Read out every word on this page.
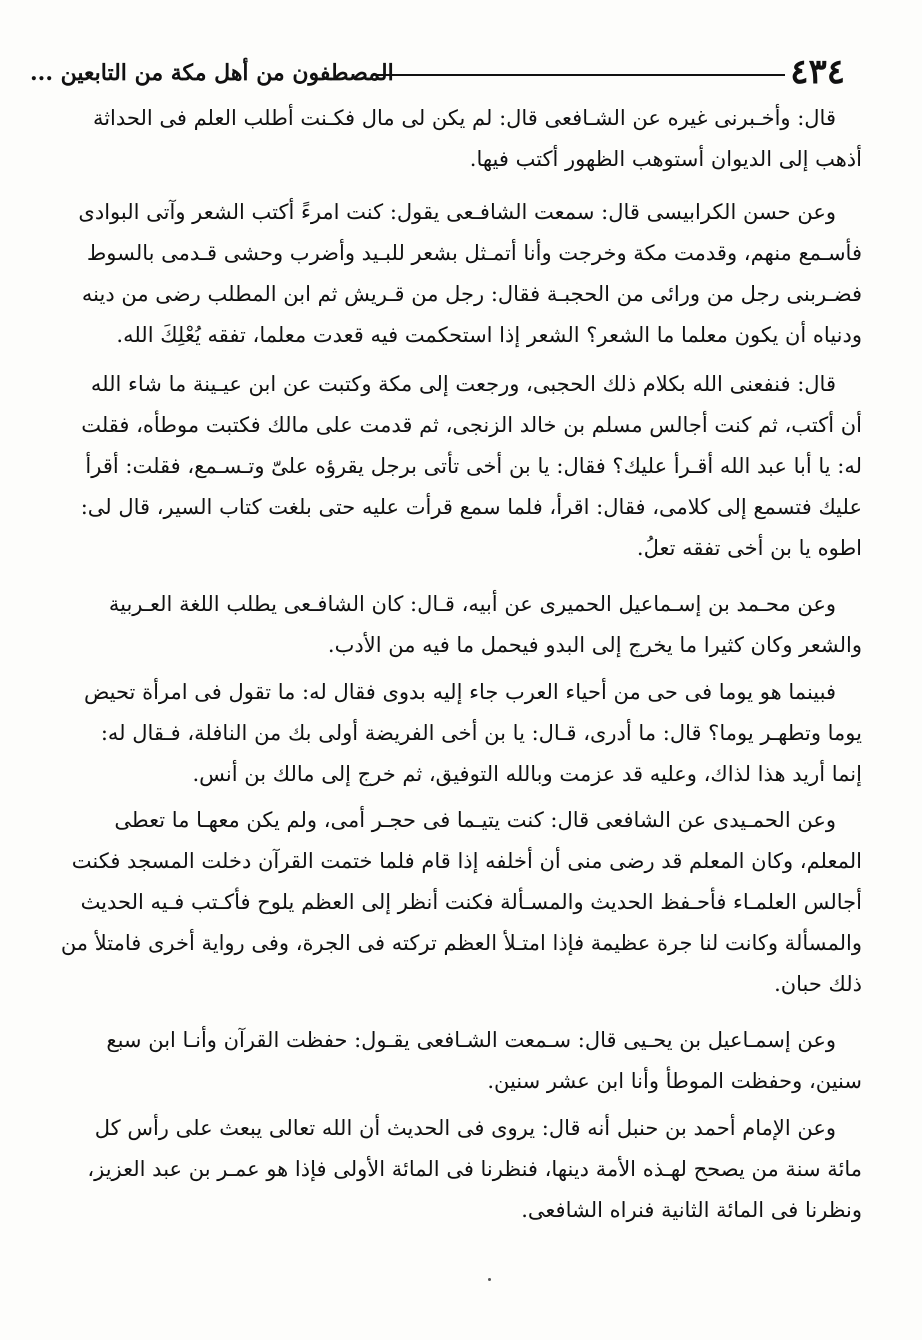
٤٣٤
المصطفون من أهل مكة من التابعين ...
قال: وأخـبرنى غيره عن الشـافعى قال: لم يكن لى مال فكـنت أطلب العلم فى الحداثة
أذهب إلى الديوان أستوهب الظهور أكتب فيها.
وعن حسن الكرابيسى قال: سمعت الشافـعى يقول: كنت امرءً أكتب الشعر وآتى البوادى
فأسـمع منهم، وقدمت مكة وخرجت وأنا أتمـثل بشعر للبـيد وأضرب وحشى قـدمى بالسوط
فضـربنى رجل من ورائى من الحجبـة فقال: رجل من قـريش ثم ابن المطلب رضى من دينه
ودنياه أن يكون معلما ما الشعر؟ الشعر إذا استحكمت فيه قعدت معلما، تفقه يُعْلِكَ الله.
قال: فنفعنى الله بكلام ذلك الحجبى، ورجعت إلى مكة وكتبت عن ابن عيـينة ما شاء الله
أن أكتب، ثم كنت أجالس مسلم بن خالد الزنجى، ثم قدمت على مالك فكتبت موطأه، فقلت
له: يا أبا عبد الله أقـرأ عليك؟ فقال: يا بن أخى تأتى برجل يقرؤه علىّ وتـسـمع، فقلت: أقرأ
عليك فتسمع إلى كلامى، فقال: اقرأ، فلما سمع قرأت عليه حتى بلغت كتاب السير، قال لى:
اطوه يا بن أخى تفقه تعلُ.
وعن محـمد بن إسـماعيل الحميرى عن أبيه، قـال: كان الشافـعى يطلب اللغة العـربية
والشعر وكان كثيرا ما يخرج إلى البدو فيحمل ما فيه من الأدب.
فبينما هو يوما فى حى من أحياء العرب جاء إليه بدوى فقال له: ما تقول فى امرأة تحيض
يوما وتطهـر يوما؟ قال: ما أدرى، قـال: يا بن أخى الفريضة أولى بك من النافلة، فـقال له:
إنما أريد هذا لذاك، وعليه قد عزمت وبالله التوفيق، ثم خرج إلى مالك بن أنس.
وعن الحمـيدى عن الشافعى قال: كنت يتيـما فى حجـر أمى، ولم يكن معهـا ما تعطى
المعلم، وكان المعلم قد رضى منى أن أخلفه إذا قام فلما ختمت القرآن دخلت المسجد فكنت
أجالس العلمـاء فأحـفظ الحديث والمسـألة فكنت أنظر إلى العظم يلوح فأكـتب فـيه الحديث
والمسألة وكانت لنا جرة عظيمة فإذا امتـلأ العظم تركته فى الجرة، وفى رواية أخرى فامتلأ من
ذلك حبان.
وعن إسمـاعيل بن يحـيى قال: سـمعت الشـافعى يقـول: حفظت القرآن وأنـا ابن سبع
سنين، وحفظت الموطأ وأنا ابن عشر سنين.
وعن الإمام أحمد بن حنبل أنه قال: يروى فى الحديث أن الله تعالى يبعث على رأس كل
مائة سنة من يصحح لهـذه الأمة دينها، فنظرنا فى المائة الأولى فإذا هو عمـر بن عبد العزيز،
ونظرنا فى المائة الثانية فنراه الشافعى.
